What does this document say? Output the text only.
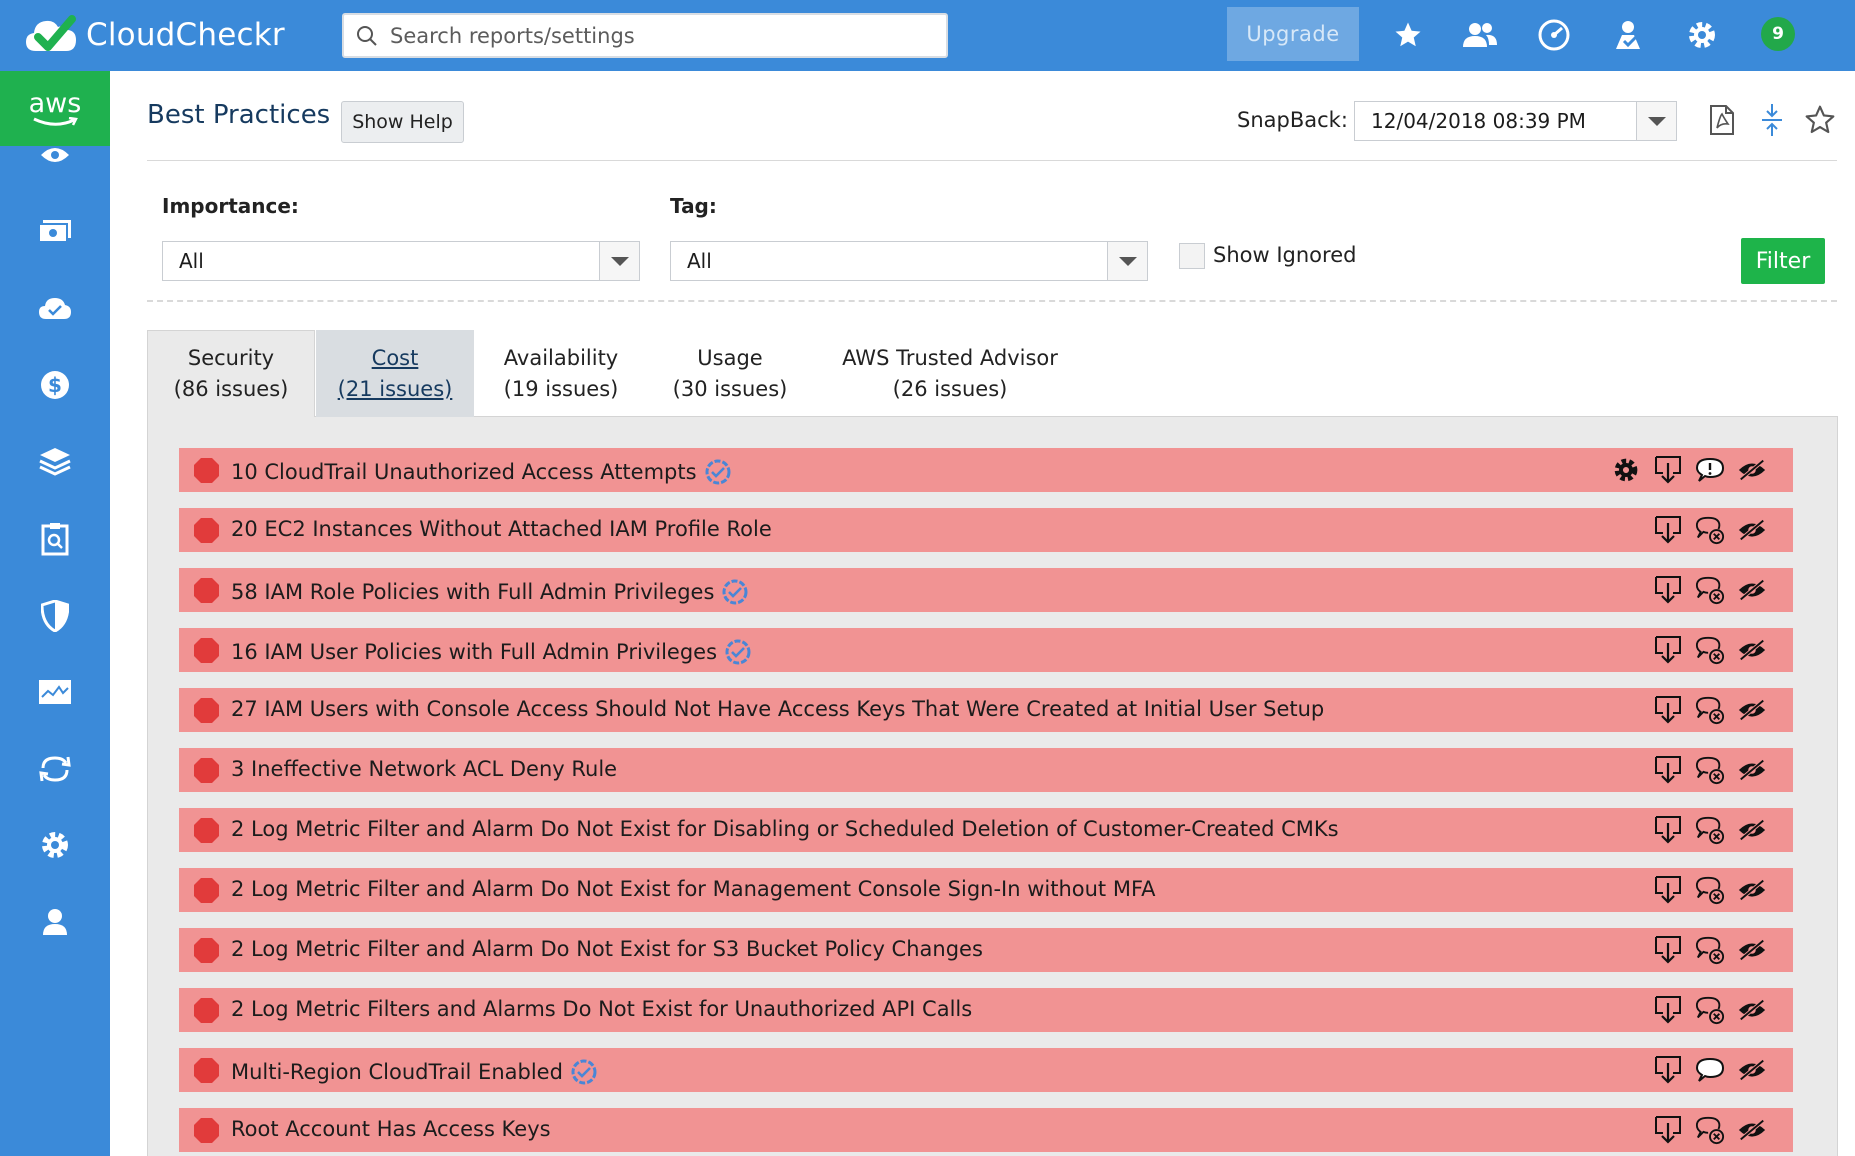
CloudCheckr
Search reports/settings	Upgrade	9
aws
$
Best Practices	Show Help	SnapBack:	12/04/2018 08:39 PM
Importance:
All
Tag:
All	Show Ignored	Filter
Security
(86 issues)
Cost
(21 issues)
Availability
(19 issues)
Usage
(30 issues)
AWS Trusted Advisor
(26 issues)
10 CloudTrail Unauthorized Access Attempts
20 EC2 Instances Without Attached IAM Profile Role
58 IAM Role Policies with Full Admin Privileges
16 IAM User Policies with Full Admin Privileges
27 IAM Users with Console Access Should Not Have Access Keys That Were Created at Initial User Setup
3 Ineffective Network ACL Deny Rule
2 Log Metric Filter and Alarm Do Not Exist for Disabling or Scheduled Deletion of Customer-Created CMKs
2 Log Metric Filter and Alarm Do Not Exist for Management Console Sign-In without MFA
2 Log Metric Filter and Alarm Do Not Exist for S3 Bucket Policy Changes
2 Log Metric Filters and Alarms Do Not Exist for Unauthorized API Calls
Multi-Region CloudTrail Enabled
Root Account Has Access Keys
